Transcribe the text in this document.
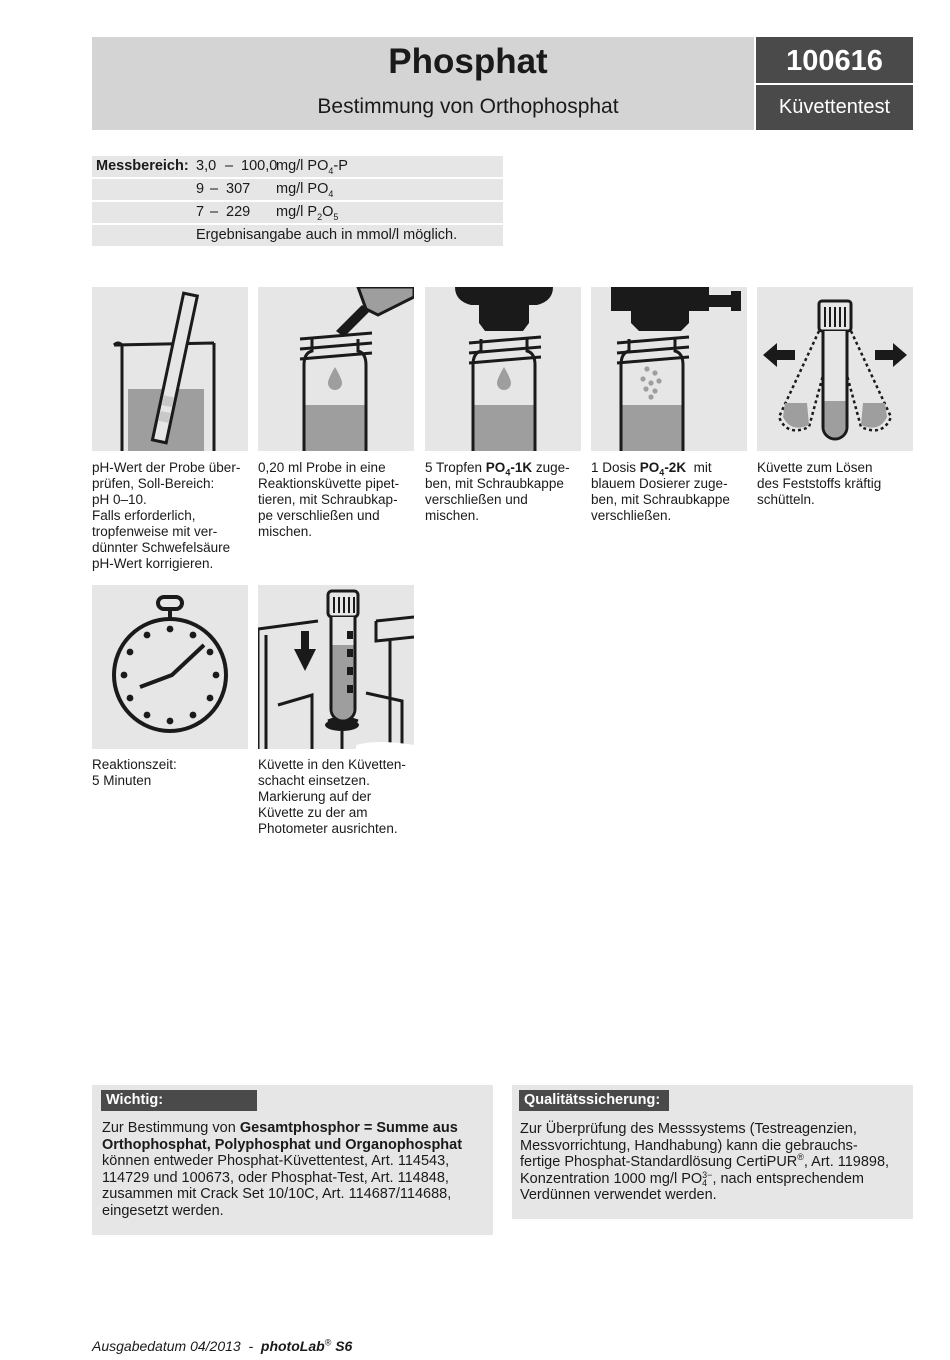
Phosphat
Bestimmung von Orthophosphat
100616
Küvettentest
Messbereich: 3,0 – 100,0
mg/l $PO_4-P$
9 – 307 mg/l $PO_4$
7 – 229 mg/l $P_2O_5$
Ergebnisangabe auch in mmol/l möglich.
pH-Wert der Probe über-
prüfen, Soll-Bereich:
pH 0–10.
Falls erforderlich,
tropfenweise mit ver-
dünnter Schwefelsäure
pH-Wert korrigieren.
0,20 ml Probe in eine
Reaktionsküvette pipet-
tieren, mit Schraubkap-
pe verschließen und
mischen.
5 Tropfen $PO_4-1K$ zuge-
ben, mit Schraubkappe
verschließen und
mischen.
1 Dosis $PO_4-2K$  mit
blauem Dosierer zuge-
ben, mit Schraubkappe
verschließen.
Küvette zum Lösen
des Feststoffs kräftig
schütteln.
Reaktionszeit:
5 Minuten
Küvette in den Küvetten-
schacht einsetzen.
Markierung auf der
Küvette zu der am
Photometer ausrichten.
Wichtig:
Zur Bestimmung von Gesamtphosphor = Summe aus
Orthophosphat, Polyphosphat und Organophosphat
können entweder Phosphat-Küvettentest, Art. 114543,
114729 und 100673, oder Phosphat-Test, Art. 114848,
zusammen mit Crack Set 10/10C, Art. 114687/114688,
eingesetzt werden.
Qualitätssicherung:
Zur Überprüfung des Messsystems (Testreagenzien,
Messvorrichtung, Handhabung) kann die gebrauchs-
fertige Phosphat-Standardlösung CertiPUR®, Art. 119898,
Konzentration 1000 mg/l PO 3−
4 , nach entsprechendem
Verdünnen verwendet werden.
Ausgabedatum 04/2013  -  photoLab® S6
